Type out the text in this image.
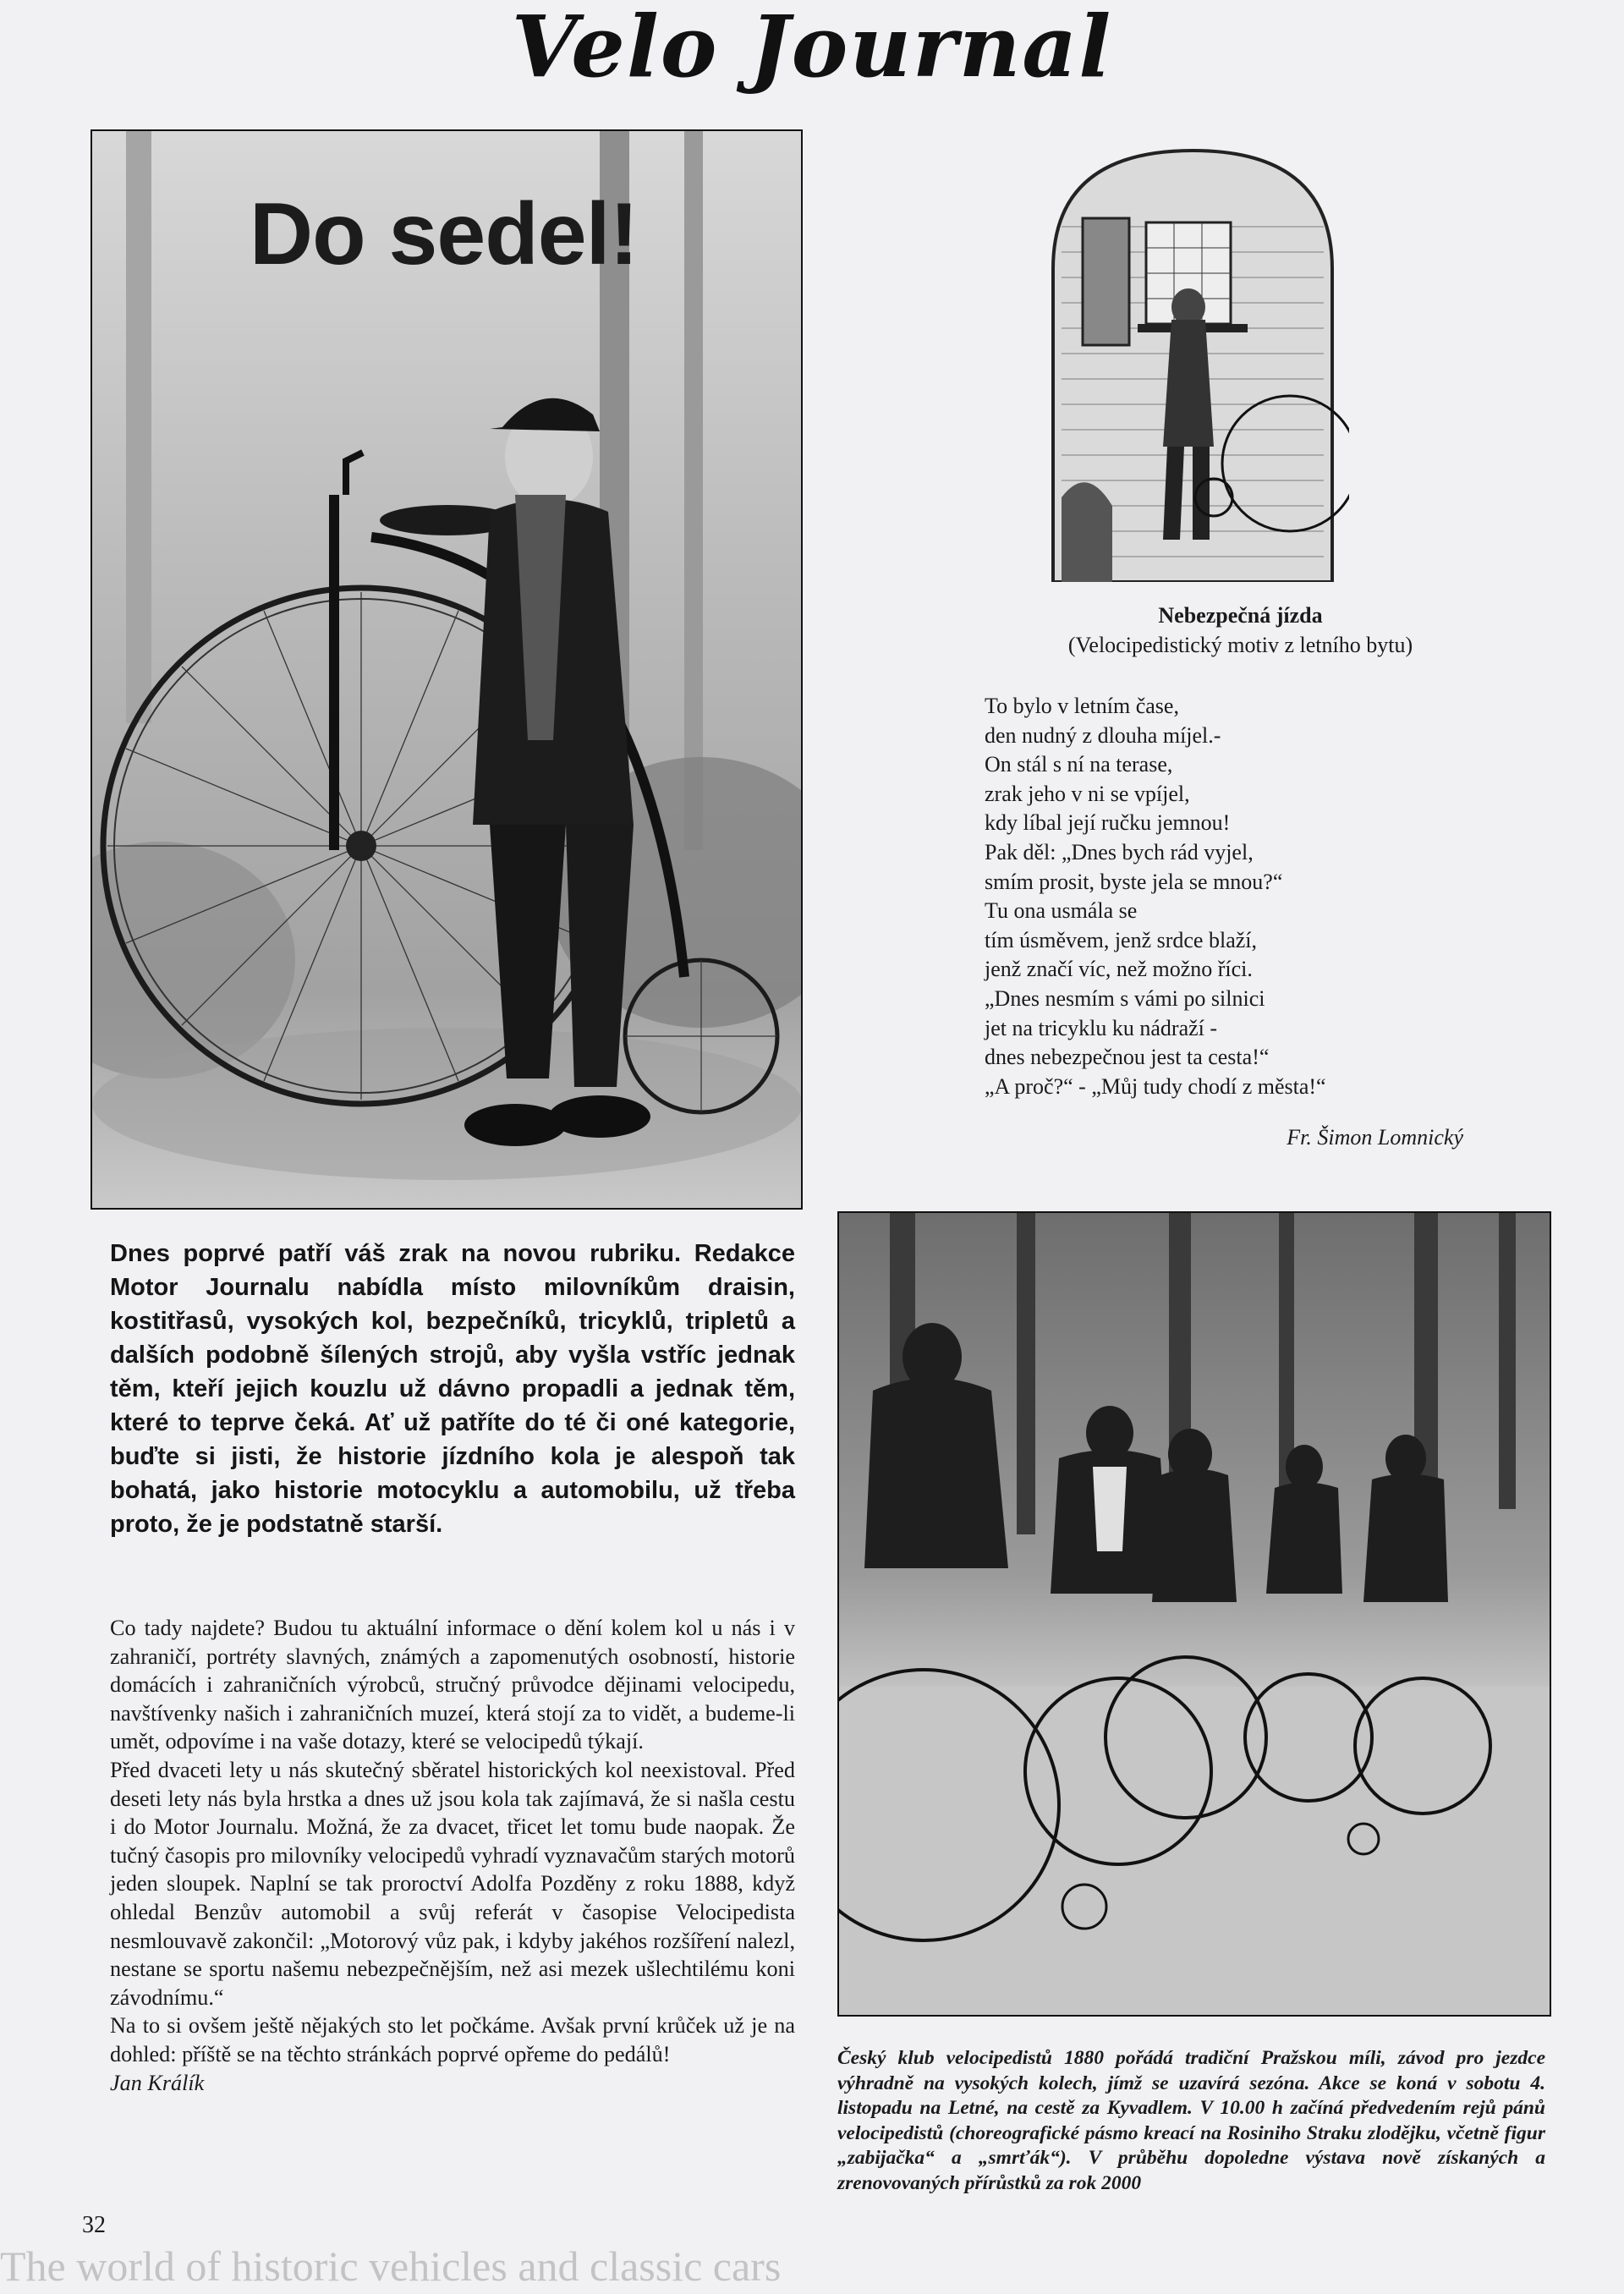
Velo Journal
Do sedel!
Nebezpečná jízda
(Velocipedistický motiv z letního bytu)
To bylo v letním čase,
den nudný z dlouha míjel.-
On stál s ní na terase,
zrak jeho v ni se vpíjel,
kdy líbal její ručku jemnou!
Pak děl: „Dnes bych rád vyjel,
smím prosit, byste jela se mnou?“
Tu ona usmála se
tím úsměvem, jenž srdce blaží,
jenž značí víc, než možno říci.
„Dnes nesmím s vámi po silnici
jet na tricyklu ku nádraží -
dnes nebezpečnou jest ta cesta!“
„A proč?“ - „Můj tudy chodí z města!“
Fr. Šimon Lomnický
Dnes poprvé patří váš zrak na novou rubriku. Redakce Motor Journalu nabídla místo milovníkům draisin, kostitřasů, vysokých kol, bezpečníků, tricyklů, tripletů a dalších podobně šílených strojů, aby vyšla vstříc jednak těm, kteří jejich kouzlu už dávno propadli a jednak těm, které to teprve čeká. Ať už patříte do té či oné kategorie, buďte si jisti, že historie jízdního kola je alespoň tak bohatá, jako historie motocyklu a automobilu, už třeba proto, že je podstatně starší.

Co tady najdete? Budou tu aktuální informace o dění kolem kol u nás i v zahraničí, portréty slavných, známých a zapomenutých osobností, historie domácích i zahraničních výrobců, stručný průvodce dějinami velocipedu, navštívenky našich i zahraničních muzeí, která stojí za to vidět, a budeme-li umět, odpovíme i na vaše dotazy, které se velocipedů týkají.

Před dvaceti lety u nás skutečný sběratel historických kol neexistoval. Před deseti lety nás byla hrstka a dnes už jsou kola tak zajímavá, že si našla cestu i do Motor Journalu. Možná, že za dvacet, třicet let tomu bude naopak. Že tučný časopis pro milovníky velocipedů vyhradí vyznavačům starých motorů jeden sloupek. Naplní se tak proroctví Adolfa Pozděny z roku 1888, když ohledal Benzův automobil a svůj referát v časopise Velocipedista nesmlouvavě zakončil: „Motorový vůz pak, i kdyby jakéhos rozšíření nalezl, nestane se sportu našemu nebezpečnějším, než asi mezek ušlechtilému koni závodnímu.“

Na to si ovšem ještě nějakých sto let počkáme. Avšak první krůček už je na dohled: příště se na těchto stránkách poprvé opřeme do pedálů!

Jan Králík

Český klub velocipedistů 1880 pořádá tradiční Pražskou míli, závod pro jezdce výhradně na vysokých kolech, jímž se uzavírá sezóna. Akce se koná v sobotu 4. listopadu na Letné, na cestě za Kyvadlem. V 10.00 h začíná předvedením rejů pánů velocipedistů (choreografické pásmo kreací na Rosiniho Straku zlodějku, včetně figur „zabijačka“ a „smrťák“). V průběhu dopoledne výstava nově získaných a zrenovovaných přírůstků za rok 2000
32
The world of historic vehicles and classic cars
